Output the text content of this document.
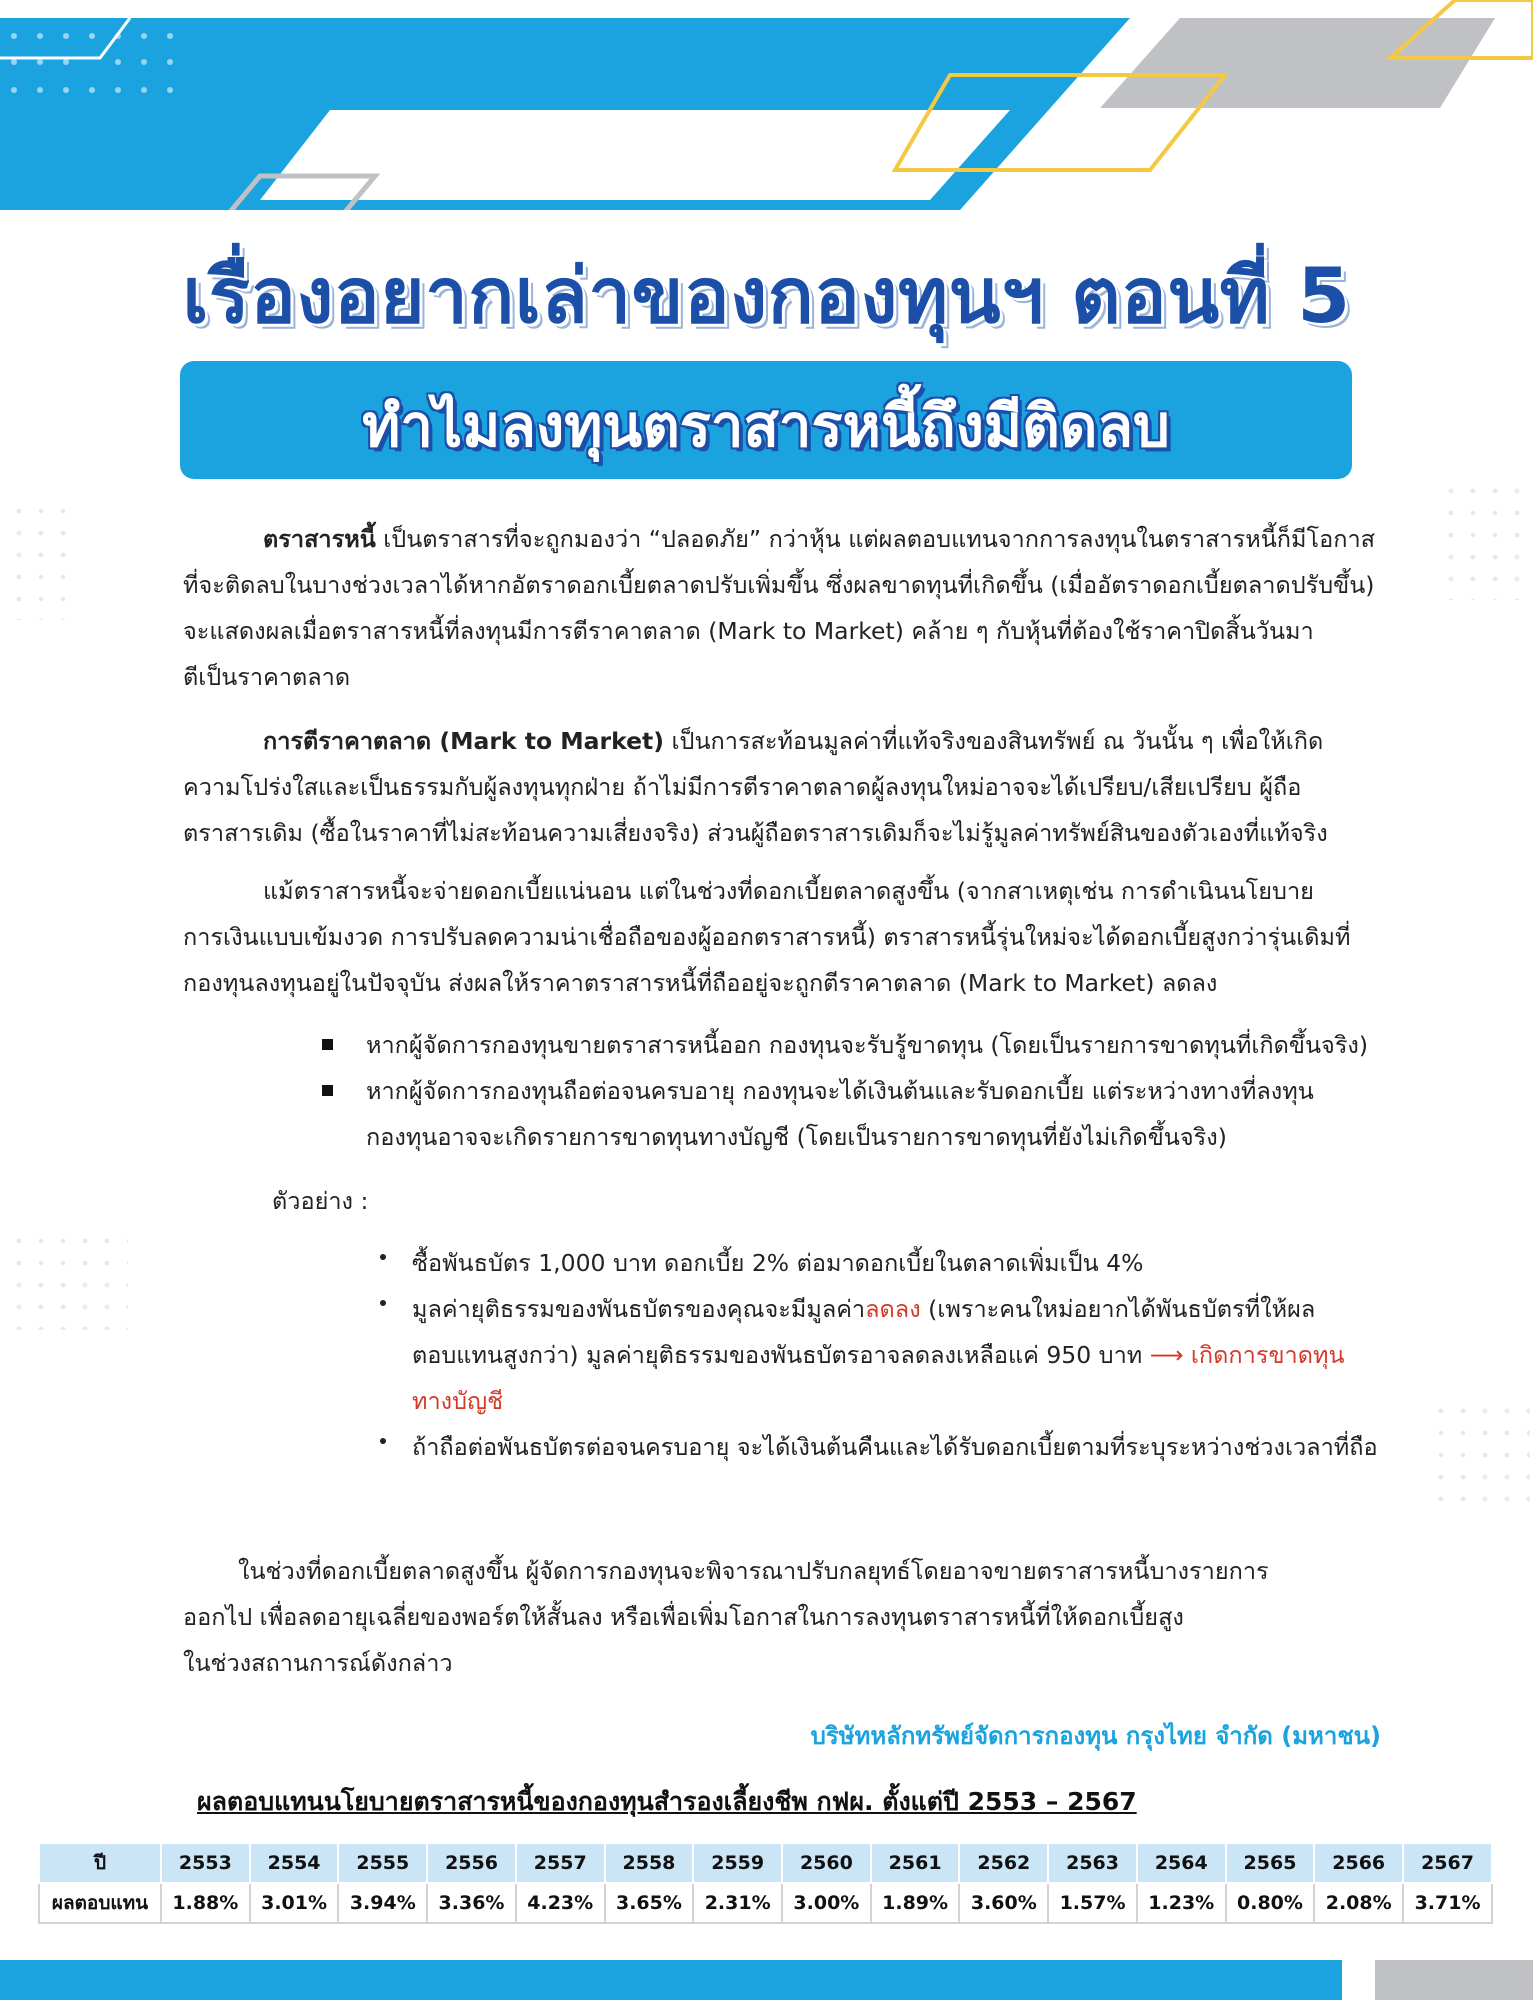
เรื่องอยากเล่าของกองทุนฯ ตอนที่ 5
ทำไมลงทุนตราสารหนี้ถึงมีติดลบ

ตราสารหนี้ เป็นตราสารที่จะถูกมองว่า “ปลอดภัย” กว่าหุ้น แต่ผลตอบแทนจากการลงทุนในตราสารหนี้ก็มีโอกาส

ที่จะติดลบในบางช่วงเวลาได้หากอัตราดอกเบี้ยตลาดปรับเพิ่มขึ้น ซึ่งผลขาดทุนที่เกิดขึ้น (เมื่ออัตราดอกเบี้ยตลาดปรับขึ้น)

จะแสดงผลเมื่อตราสารหนี้ที่ลงทุนมีการตีราคาตลาด (Mark to Market) คล้าย ๆ กับหุ้นที่ต้องใช้ราคาปิดสิ้นวันมา

ตีเป็นราคาตลาด

การตีราคาตลาด (Mark to Market) เป็นการสะท้อนมูลค่าที่แท้จริงของสินทรัพย์ ณ วันนั้น ๆ เพื่อให้เกิด

ความโปร่งใสและเป็นธรรมกับผู้ลงทุนทุกฝ่าย ถ้าไม่มีการตีราคาตลาดผู้ลงทุนใหม่อาจจะได้เปรียบ/เสียเปรียบ ผู้ถือ

ตราสารเดิม (ซื้อในราคาที่ไม่สะท้อนความเสี่ยงจริง) ส่วนผู้ถือตราสารเดิมก็จะไม่รู้มูลค่าทรัพย์สินของตัวเองที่แท้จริง

แม้ตราสารหนี้จะจ่ายดอกเบี้ยแน่นอน แต่ในช่วงที่ดอกเบี้ยตลาดสูงขึ้น (จากสาเหตุเช่น การดำเนินนโยบาย

การเงินแบบเข้มงวด การปรับลดความน่าเชื่อถือของผู้ออกตราสารหนี้) ตราสารหนี้รุ่นใหม่จะได้ดอกเบี้ยสูงกว่ารุ่นเดิมที่

กองทุนลงทุนอยู่ในปัจจุบัน ส่งผลให้ราคาตราสารหนี้ที่ถืออยู่จะถูกตีราคาตลาด (Mark to Market) ลดลง

หากผู้จัดการกองทุนขายตราสารหนี้ออก กองทุนจะรับรู้ขาดทุน (โดยเป็นรายการขาดทุนที่เกิดขึ้นจริง)
หากผู้จัดการกองทุนถือต่อจนครบอายุ กองทุนจะได้เงินต้นและรับดอกเบี้ย แต่ระหว่างทางที่ลงทุน กองทุนอาจจะเกิดรายการขาดทุนทางบัญชี (โดยเป็นรายการขาดทุนที่ยังไม่เกิดขึ้นจริง)
ตัวอย่าง :
ซื้อพันธบัตร 1,000 บาท ดอกเบี้ย 2% ต่อมาดอกเบี้ยในตลาดเพิ่มเป็น 4%
มูลค่ายุติธรรมของพันธบัตรของคุณจะมีมูลค่าลดลง (เพราะคนใหม่อยากได้พันธบัตรที่ให้ผลตอบแทนสูงกว่า) มูลค่ายุติธรรมของพันธบัตรอาจลดลงเหลือแค่ 950 บาท ⟶ เกิดการขาดทุนทางบัญชี
ถ้าถือต่อพันธบัตรต่อจนครบอายุ จะได้เงินต้นคืนและได้รับดอกเบี้ยตามที่ระบุระหว่างช่วงเวลาที่ถือ

ในช่วงที่ดอกเบี้ยตลาดสูงขึ้น ผู้จัดการกองทุนจะพิจารณาปรับกลยุทธ์โดยอาจขายตราสารหนี้บางรายการ

ออกไป เพื่อลดอายุเฉลี่ยของพอร์ตให้สั้นลง หรือเพื่อเพิ่มโอกาสในการลงทุนตราสารหนี้ที่ให้ดอกเบี้ยสูง

ในช่วงสถานการณ์ดังกล่าว

บริษัทหลักทรัพย์จัดการกองทุน กรุงไทย จำกัด (มหาชน)
ผลตอบแทนนโยบายตราสารหนี้ของกองทุนสำรองเลี้ยงชีพ กฟผ. ตั้งแต่ปี 2553 – 2567
ปี	2553	2554	2555	2556	2557	2558	2559	2560	2561	2562	2563	2564	2565	2566	2567
ผลตอบแทน	1.88%	3.01%	3.94%	3.36%	4.23%	3.65%	2.31%	3.00%	1.89%	3.60%	1.57%	1.23%	0.80%	2.08%	3.71%
